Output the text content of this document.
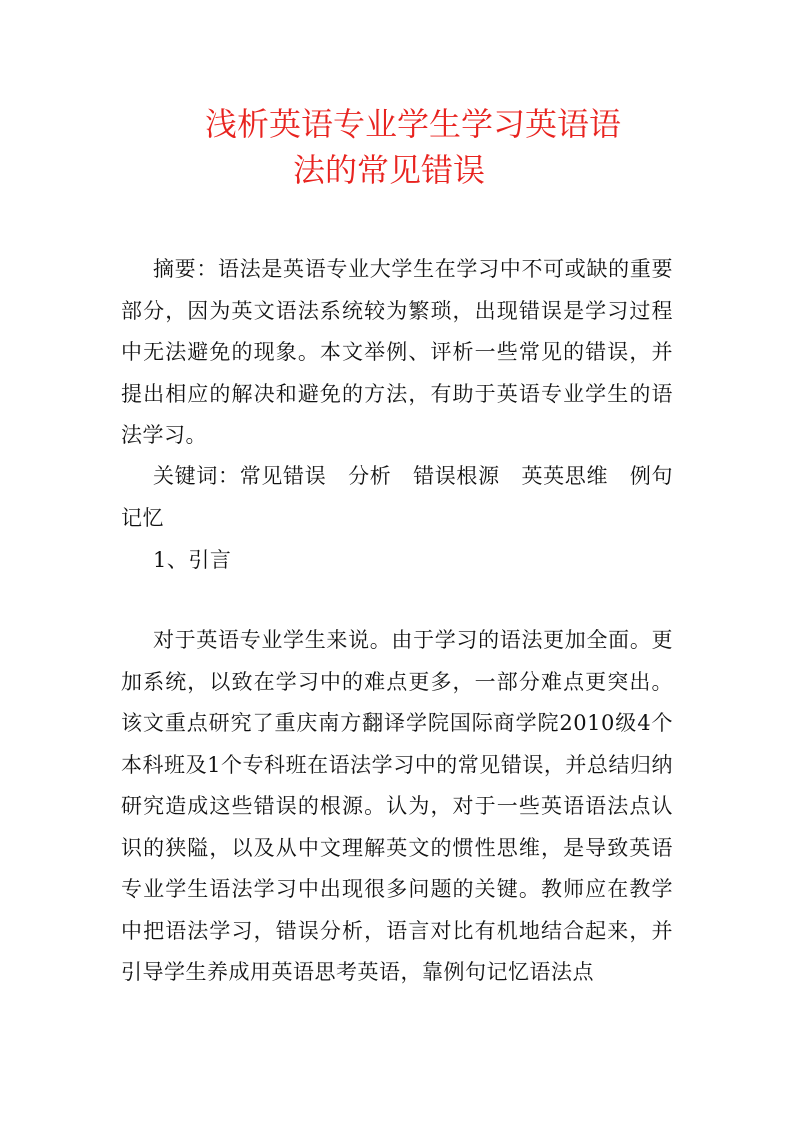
浅析英语专业学生学习英语语
法的常见错误
摘要：语法是英语专业大学生在学习中不可或缺的重要部分，因为英文语法系统较为繁琐，出现错误是学习过程中无法避免的现象。本文举例、评析一些常见的错误，并提出相应的解决和避免的方法，有助于英语专业学生的语法学习。
关键词：常见错误　分析　错误根源　英英思维　例句记忆
1、引言
对于英语专业学生来说。由于学习的语法更加全面。更加系统，以致在学习中的难点更多，一部分难点更突出。该文重点研究了重庆南方翻译学院国际商学院2010级4个本科班及1个专科班在语法学习中的常见错误，并总结归纳研究造成这些错误的根源。认为，对于一些英语语法点认识的狭隘，以及从中文理解英文的惯性思维，是导致英语专业学生语法学习中出现很多问题的关键。教师应在教学中把语法学习，错误分析，语言对比有机地结合起来，并引导学生养成用英语思考英语，靠例句记忆语法点
